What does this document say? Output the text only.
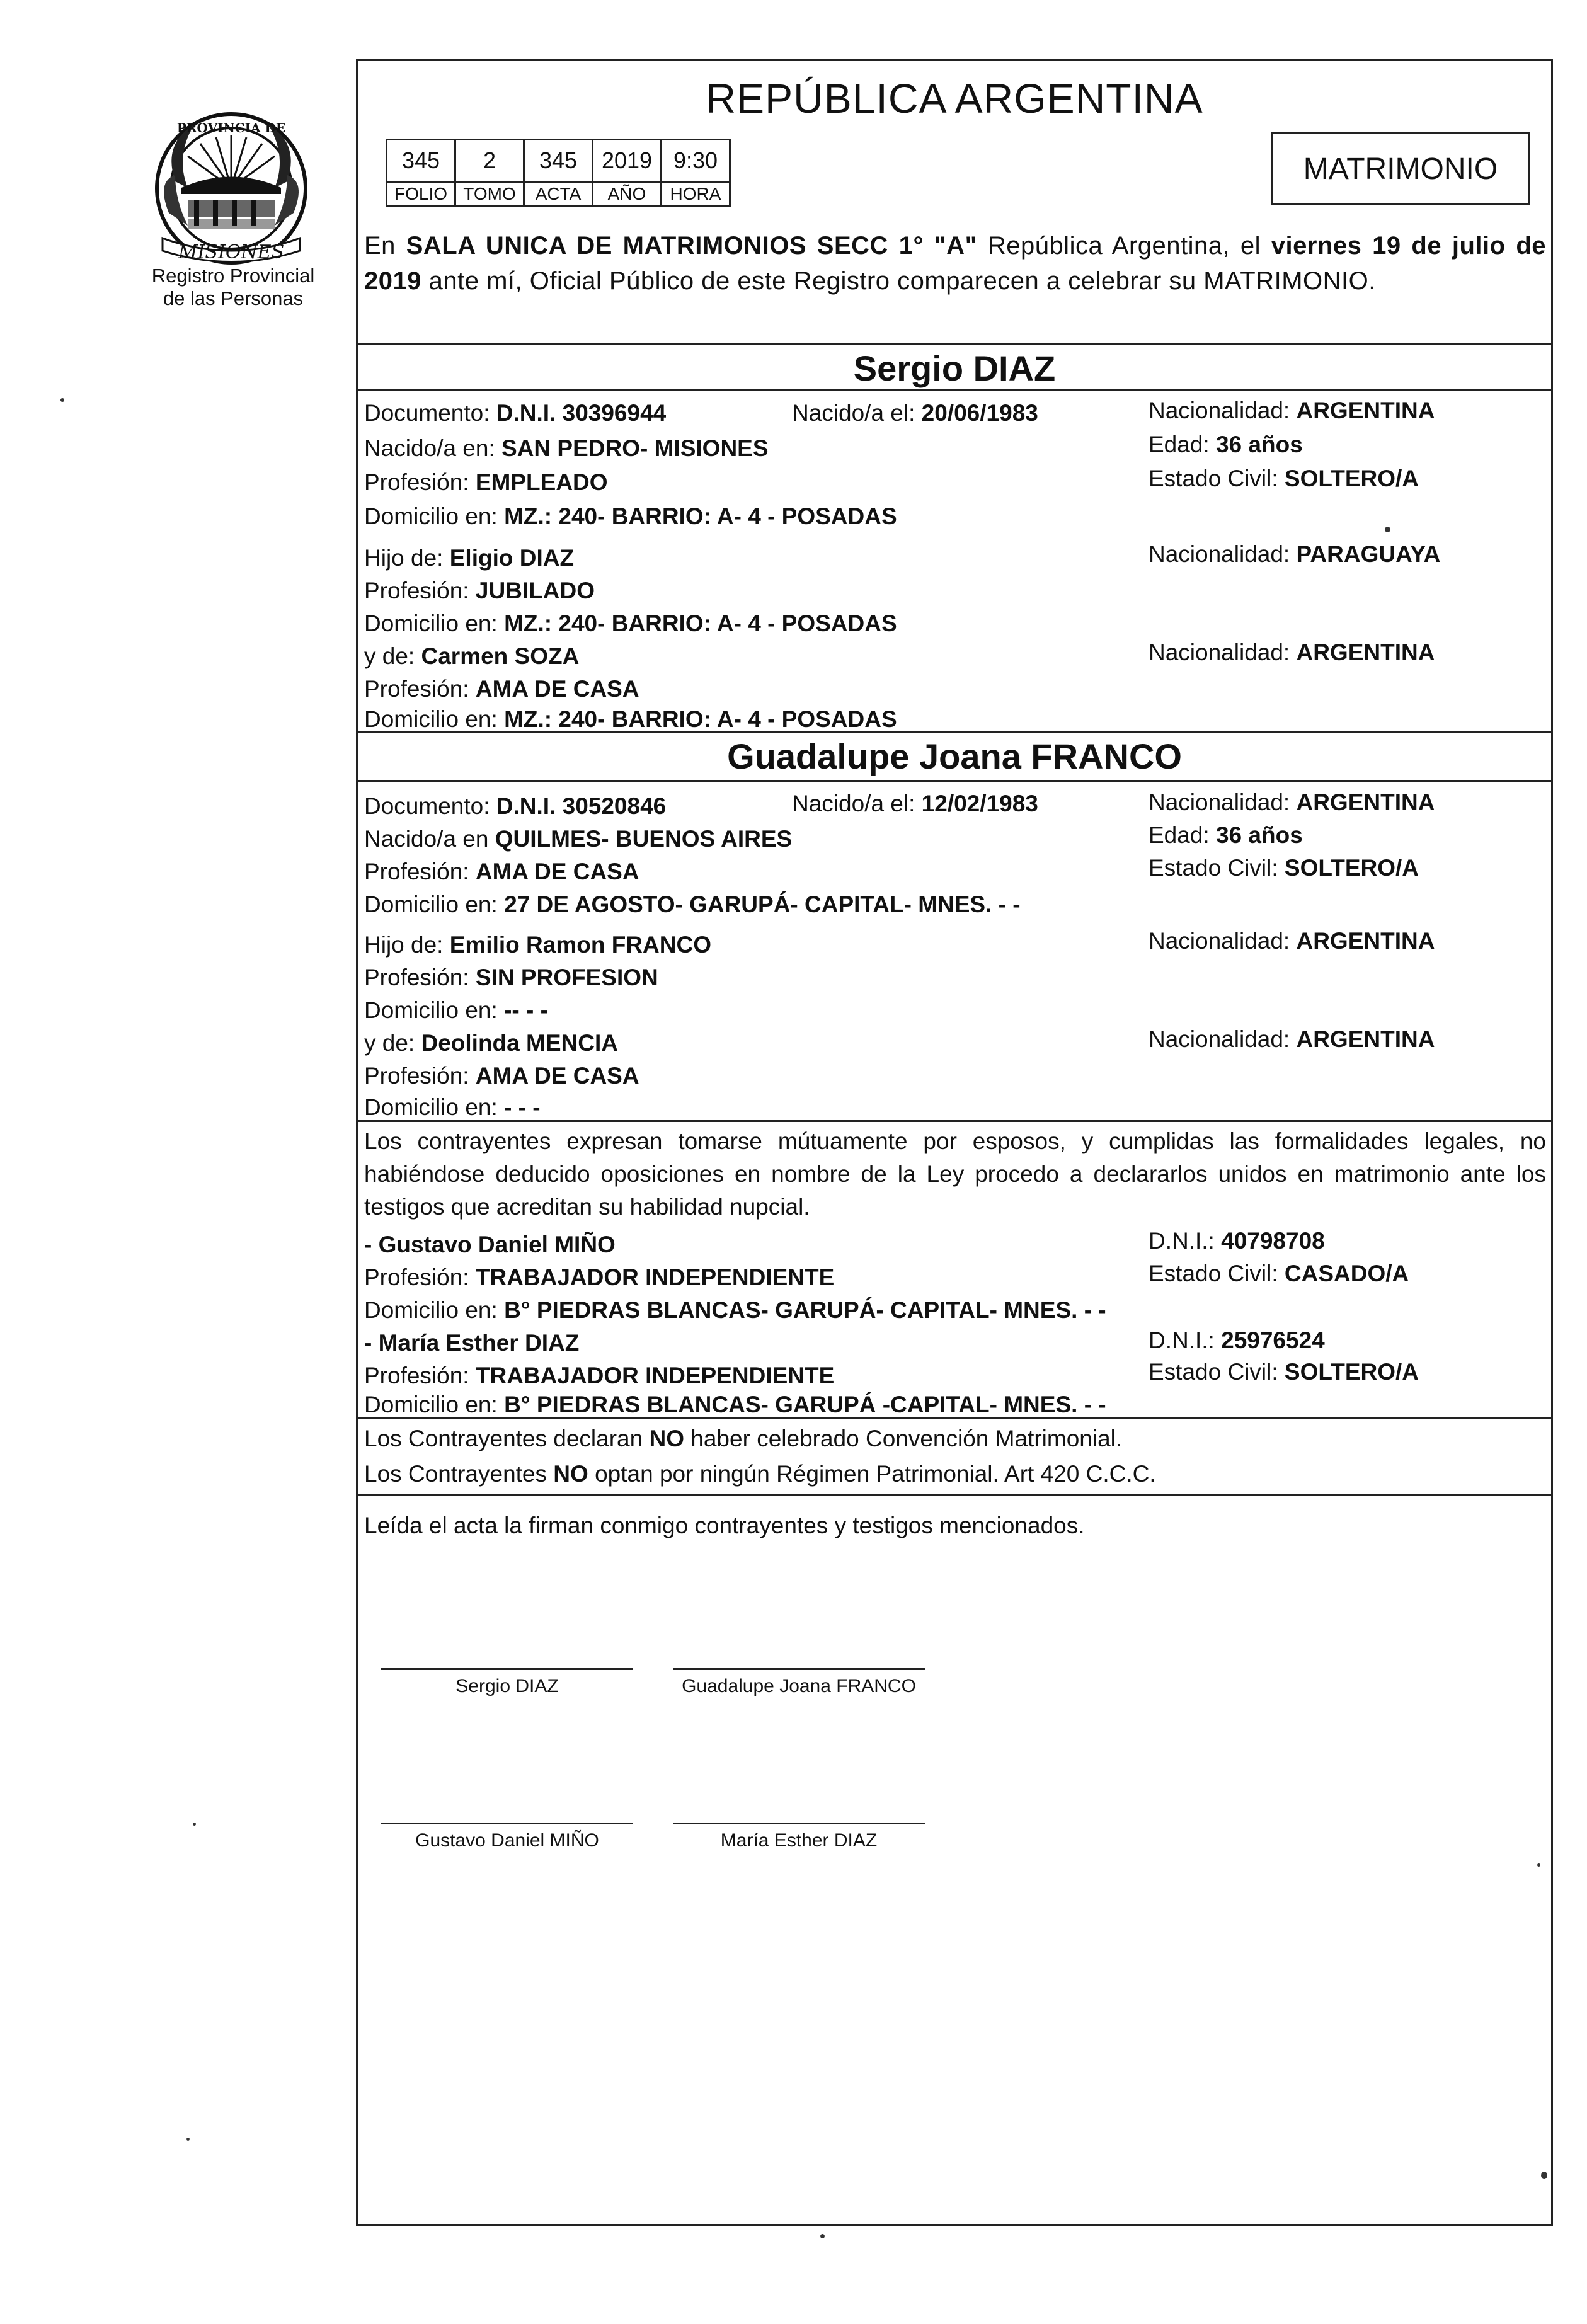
MISIONES
PROVINCIA DE
Registro Provincial
de las Personas
REPÚBLICA ARGENTINA
345	2	345	2019	9:30
FOLIO	TOMO	ACTA	AÑO	HORA
MATRIMONIO
En SALA UNICA DE MATRIMONIOS SECC 1° "A" República Argentina, el viernes 19 de julio de 2019 ante mí, Oficial Público de este Registro comparecen a celebrar su MATRIMONIO.
Sergio DIAZ
Documento: D.N.I. 30396944	Nacido/a el: 20/06/1983	Nacionalidad: ARGENTINA
Nacido/a en: SAN PEDRO- MISIONES	Edad: 36 años
Profesión: EMPLEADO	Estado Civil: SOLTERO/A
Domicilio en: MZ.: 240- BARRIO: A- 4 - POSADAS
Hijo de: Eligio DIAZ	Nacionalidad: PARAGUAYA
Profesión: JUBILADO
Domicilio en: MZ.: 240- BARRIO: A- 4 - POSADAS
y de: Carmen SOZA	Nacionalidad: ARGENTINA
Profesión: AMA DE CASA
Domicilio en: MZ.: 240- BARRIO: A- 4 - POSADAS
Guadalupe Joana FRANCO
Documento: D.N.I. 30520846	Nacido/a el: 12/02/1983	Nacionalidad: ARGENTINA
Nacido/a en QUILMES- BUENOS AIRES	Edad: 36 años
Profesión: AMA DE CASA	Estado Civil: SOLTERO/A
Domicilio en: 27 DE AGOSTO- GARUPÁ- CAPITAL- MNES. - -
Hijo de: Emilio Ramon FRANCO	Nacionalidad: ARGENTINA
Profesión: SIN PROFESION
Domicilio en: -- - -
y de: Deolinda MENCIA	Nacionalidad: ARGENTINA
Profesión: AMA DE CASA
Domicilio en: - - -
Los contrayentes expresan tomarse mútuamente por esposos, y cumplidas las formalidades legales, no habiéndose deducido oposiciones en nombre de la Ley procedo a declararlos unidos en matrimonio ante los testigos que acreditan su habilidad nupcial.
- Gustavo Daniel MIÑO	D.N.I.: 40798708
Profesión: TRABAJADOR INDEPENDIENTE	Estado Civil: CASADO/A
Domicilio en: B° PIEDRAS BLANCAS- GARUPÁ- CAPITAL- MNES. - -
- María Esther DIAZ	D.N.I.: 25976524
Profesión: TRABAJADOR INDEPENDIENTE	Estado Civil: SOLTERO/A
Domicilio en: B° PIEDRAS BLANCAS- GARUPÁ -CAPITAL- MNES. - -
Los Contrayentes declaran NO haber celebrado Convención Matrimonial.
Los Contrayentes NO optan por ningún Régimen Patrimonial. Art 420 C.C.C.
Leída el acta la firman conmigo contrayentes y testigos mencionados.
Sergio DIAZ	Guadalupe Joana FRANCO
Gustavo Daniel MIÑO	María Esther DIAZ
